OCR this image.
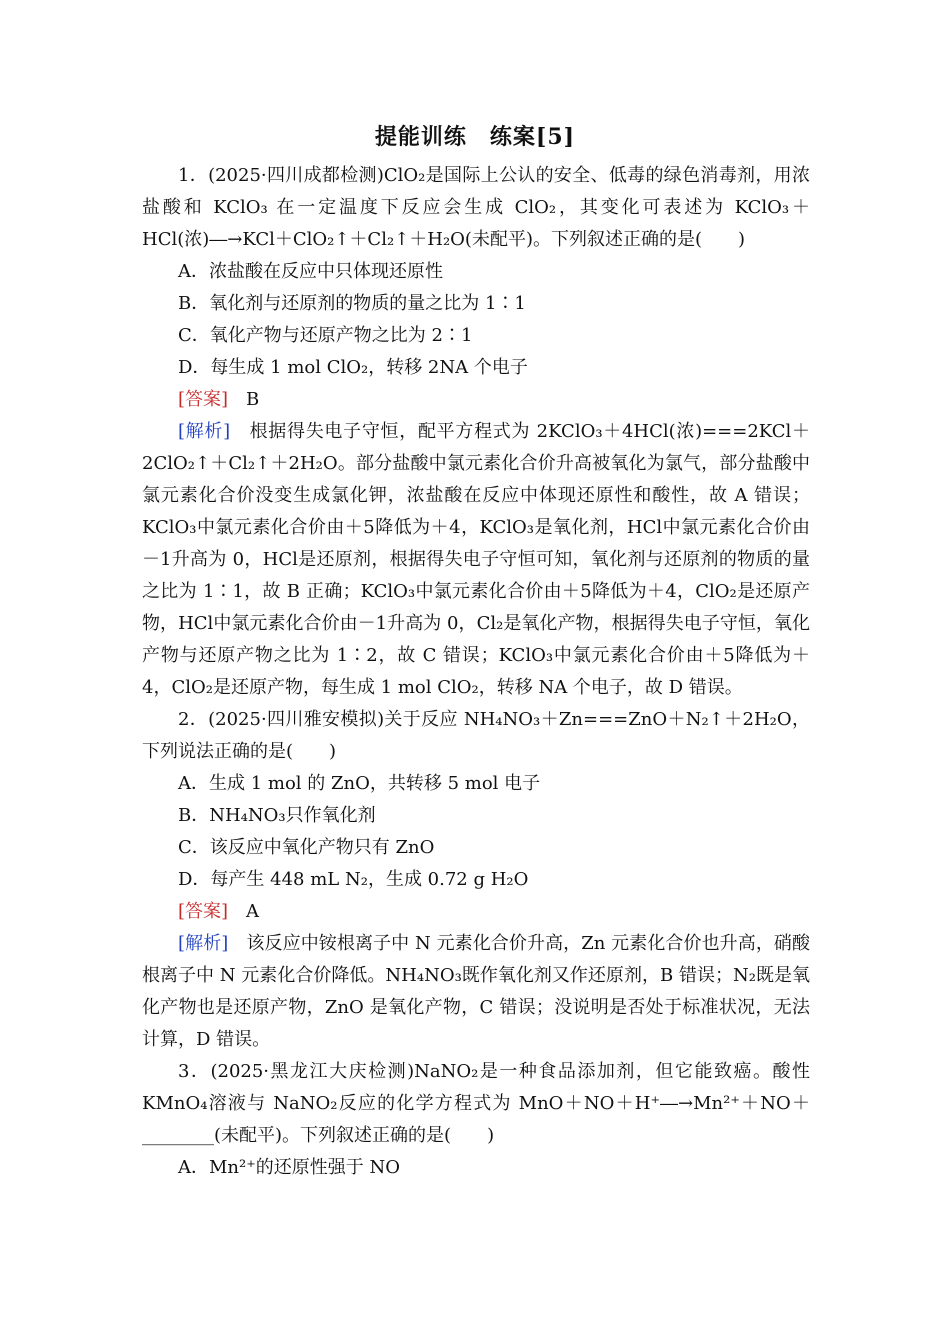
提能训练　练案[5]

1．(2025·四川成都检测)ClO₂是国际上公认的安全、低毒的绿色消毒剂，用浓盐酸和 KClO₃ 在一定温度下反应会生成 ClO₂，其变化可表述为 KClO₃＋HCl(浓)―→KCl＋ClO₂↑＋Cl₂↑＋H₂O(未配平)。下列叙述正确的是(　　)

A．浓盐酸在反应中只体现还原性

B．氧化剂与还原剂的物质的量之比为 1∶1

C．氧化产物与还原产物之比为 2∶1

D．每生成 1 mol ClO₂，转移 2NA 个电子

[答案]　 B

[解析]　 根据得失电子守恒，配平方程式为 2KClO₃＋4HCl(浓)===2KCl＋2ClO₂↑＋Cl₂↑＋2H₂O。部分盐酸中氯元素化合价升高被氧化为氯气，部分盐酸中氯元素化合价没变生成氯化钾，浓盐酸在反应中体现还原性和酸性，故 A 错误；KClO₃中氯元素化合价由＋5降低为＋4，KClO₃是氧化剂，HCl中氯元素化合价由－1升高为 0，HCl是还原剂，根据得失电子守恒可知，氧化剂与还原剂的物质的量之比为 1∶1，故 B 正确；KClO₃中氯元素化合价由＋5降低为＋4，ClO₂是还原产物，HCl中氯元素化合价由－1升高为 0，Cl₂是氧化产物，根据得失电子守恒，氧化产物与还原产物之比为 1∶2，故 C 错误；KClO₃中氯元素化合价由＋5降低为＋4，ClO₂是还原产物，每生成 1 mol ClO₂，转移 NA 个电子，故 D 错误。

2．(2025·四川雅安模拟)关于反应 NH₄NO₃＋Zn===ZnO＋N₂↑＋2H₂O，下列说法正确的是(　　)

A．生成 1 mol 的 ZnO，共转移 5 mol 电子

B．NH₄NO₃只作氧化剂

C．该反应中氧化产物只有 ZnO

D．每产生 448 mL N₂，生成 0.72 g H₂O

[答案]　 A

[解析]　 该反应中铵根离子中 N 元素化合价升高，Zn 元素化合价也升高，硝酸根离子中 N 元素化合价降低。NH₄NO₃既作氧化剂又作还原剂，B 错误；N₂既是氧化产物也是还原产物，ZnO 是氧化产物，C 错误；没说明是否处于标准状况，无法计算，D 错误。

3．(2025·黑龙江大庆检测)NaNO₂是一种食品添加剂，但它能致癌。酸性KMnO₄溶液与 NaNO₂反应的化学方程式为 MnO＋NO＋H⁺―→Mn²⁺＋NO＋________(未配平)。下列叙述正确的是(　　)

A．Mn²⁺的还原性强于 NO
